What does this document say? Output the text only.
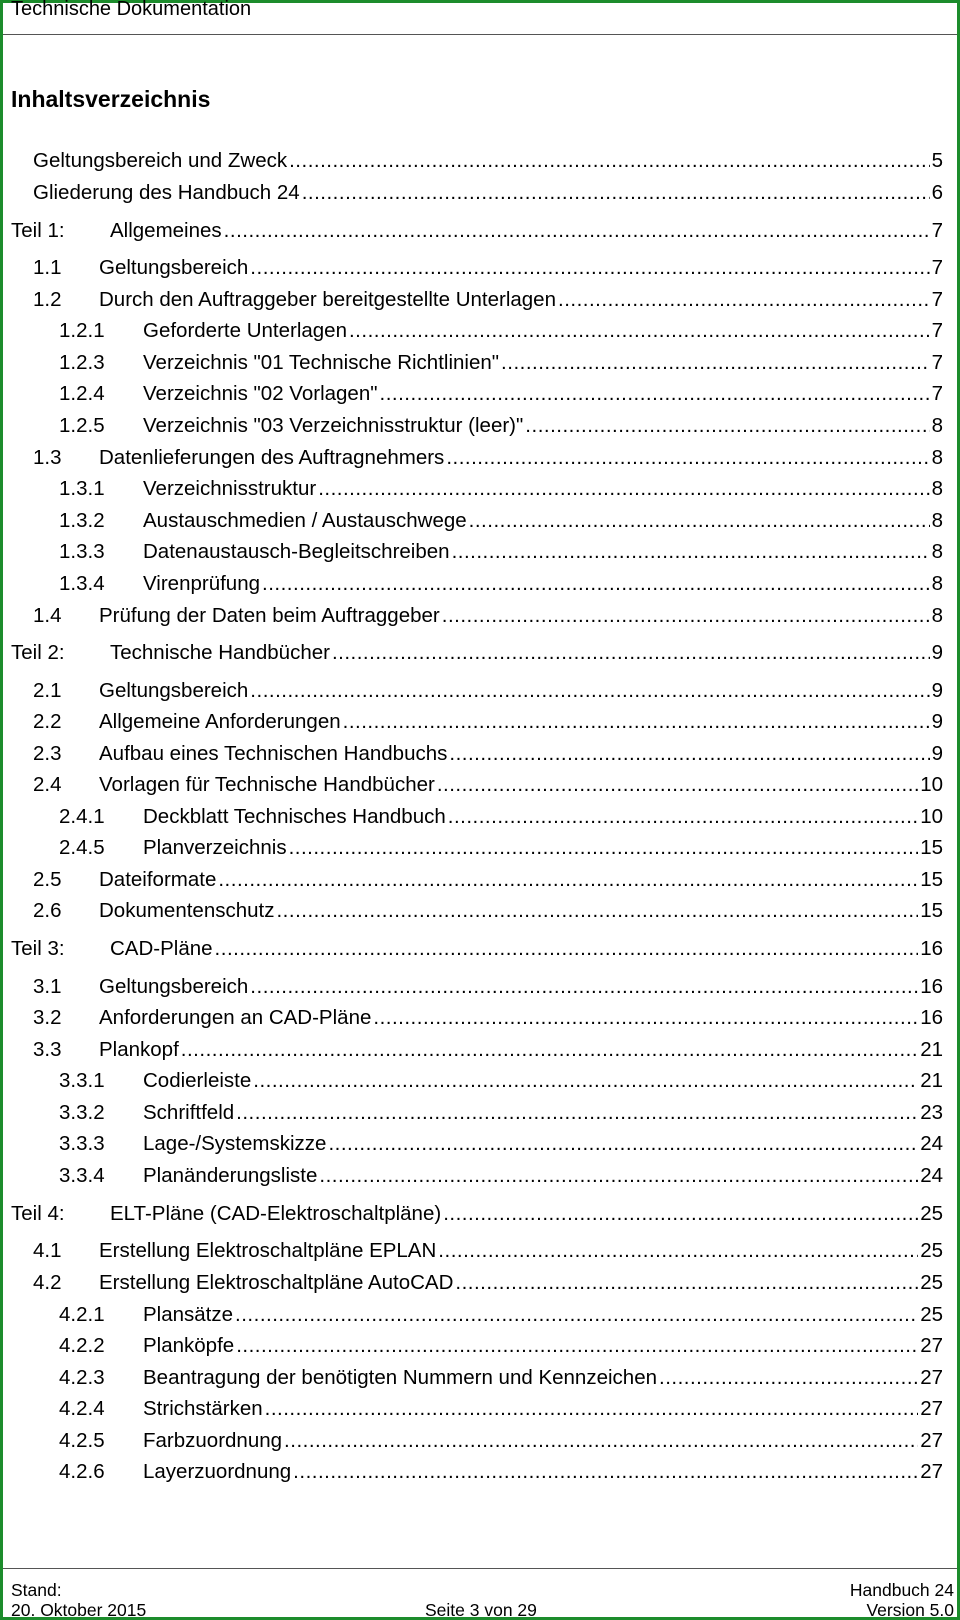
Technische Dokumentation
Inhaltsverzeichnis
Geltungsbereich und Zweck .....	5
Gliederung des Handbuch 24 .....	6
Teil 1: Allgemeines .....	7
1.1 Geltungsbereich .....	7
1.2 Durch den Auftraggeber bereitgestellte Unterlagen .....	7
1.2.1 Geforderte Unterlagen .....	7
1.2.3 Verzeichnis "01 Technische Richtlinien" .....	7
1.2.4 Verzeichnis "02 Vorlagen" .....	7
1.2.5 Verzeichnis "03 Verzeichnisstruktur (leer)" .....	8
1.3 Datenlieferungen des Auftragnehmers .....	8
1.3.1 Verzeichnisstruktur .....	8
1.3.2 Austauschmedien / Austauschwege .....	8
1.3.3 Datenaustausch-Begleitschreiben .....	8
1.3.4 Virenprüfung .....	8
1.4 Prüfung der Daten beim Auftraggeber .....	8
Teil 2: Technische Handbücher .....	9
2.1 Geltungsbereich .....	9
2.2 Allgemeine Anforderungen .....	9
2.3 Aufbau eines Technischen Handbuchs .....	9
2.4 Vorlagen für Technische Handbücher .....	10
2.4.1 Deckblatt Technisches Handbuch .....	10
2.4.5 Planverzeichnis .....	15
2.5 Dateiformate .....	15
2.6 Dokumentenschutz .....	15
Teil 3: CAD-Pläne .....	16
3.1 Geltungsbereich .....	16
3.2 Anforderungen an CAD-Pläne .....	16
3.3 Plankopf .....	21
3.3.1 Codierleiste .....	21
3.3.2 Schriftfeld .....	23
3.3.3 Lage-/Systemskizze .....	24
3.3.4 Planänderungsliste .....	24
Teil 4: ELT-Pläne (CAD-Elektroschaltpläne) .....	25
4.1 Erstellung Elektroschaltpläne EPLAN .....	25
4.2 Erstellung Elektroschaltpläne AutoCAD .....	25
4.2.1 Plansätze .....	25
4.2.2 Planköpfe .....	27
4.2.3 Beantragung der benötigten Nummern und Kennzeichen .....	27
4.2.4 Strichstärken .....	27
4.2.5 Farbzuordnung .....	27
4.2.6 Layerzuordnung .....	27
Stand:
20. Oktober 2015	Seite 3 von 29
Handbuch 24
Version 5.0
